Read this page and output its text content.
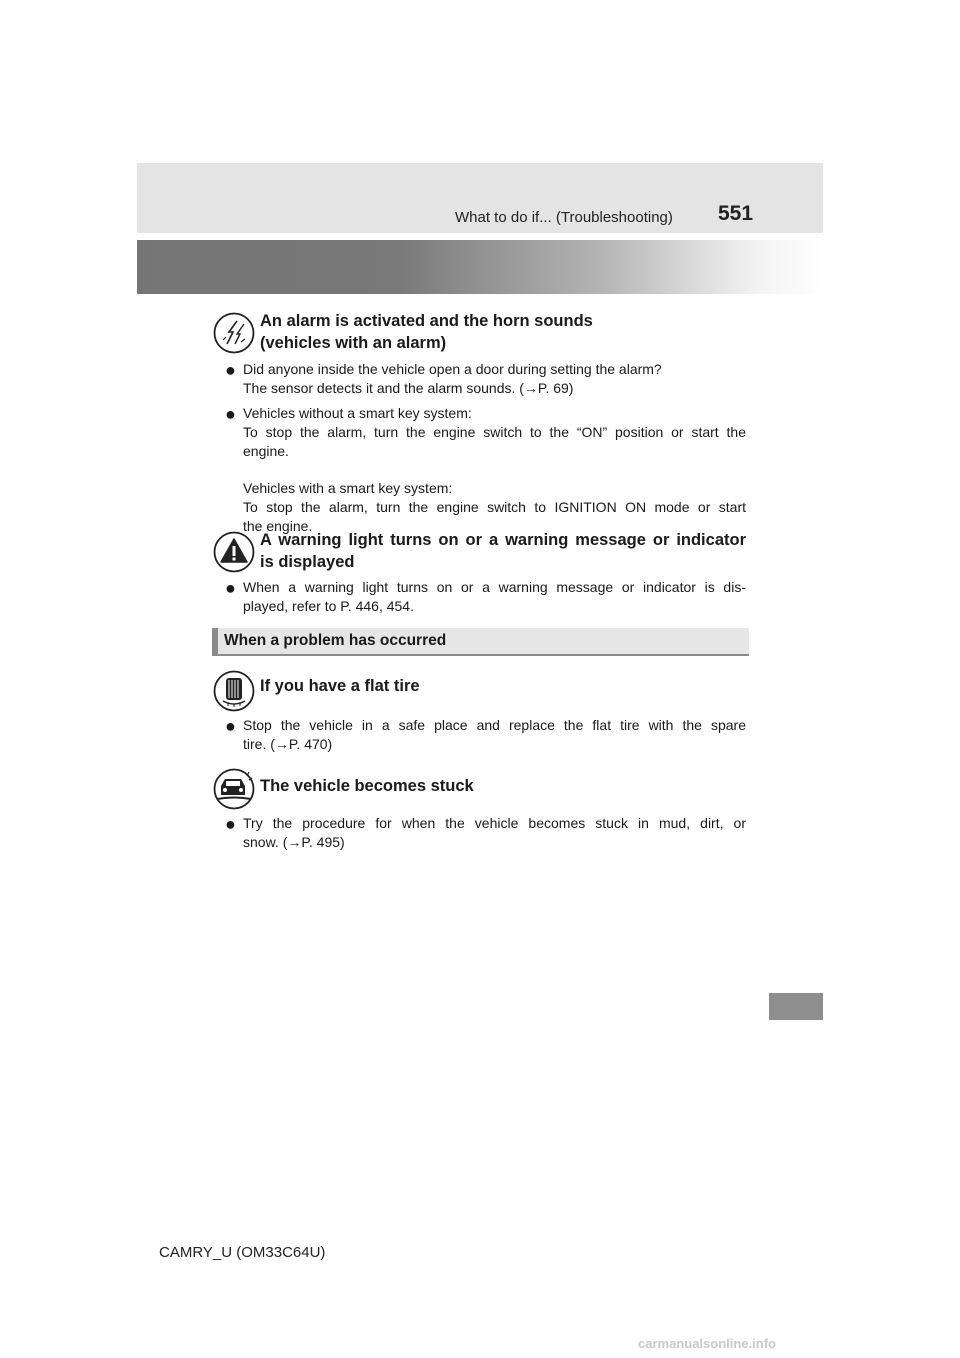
What to do if... (Troubleshooting) 551
An alarm is activated and the horn sounds
(vehicles with an alarm)
● Did anyone inside the vehicle open a door during setting the alarm?
The sensor detects it and the alarm sounds. (→P. 69)
● Vehicles without a smart key system:
To stop the alarm, turn the engine switch to the “ON” position or start the
engine.
Vehicles with a smart key system:
To stop the alarm, turn the engine switch to IGNITION ON mode or start
the engine.
A warning light turns on or a warning message or indicator
is displayed
● When a warning light turns on or a warning message or indicator is dis-
played, refer to P. 446, 454.
When a problem has occurred
If you have a flat tire
● Stop the vehicle in a safe place and replace the flat tire with the spare
tire. (→P. 470)
The vehicle becomes stuck
● Try the procedure for when the vehicle becomes stuck in mud, dirt, or
snow. (→P. 495)
CAMRY_U (OM33C64U)
carmanualsonline.info
